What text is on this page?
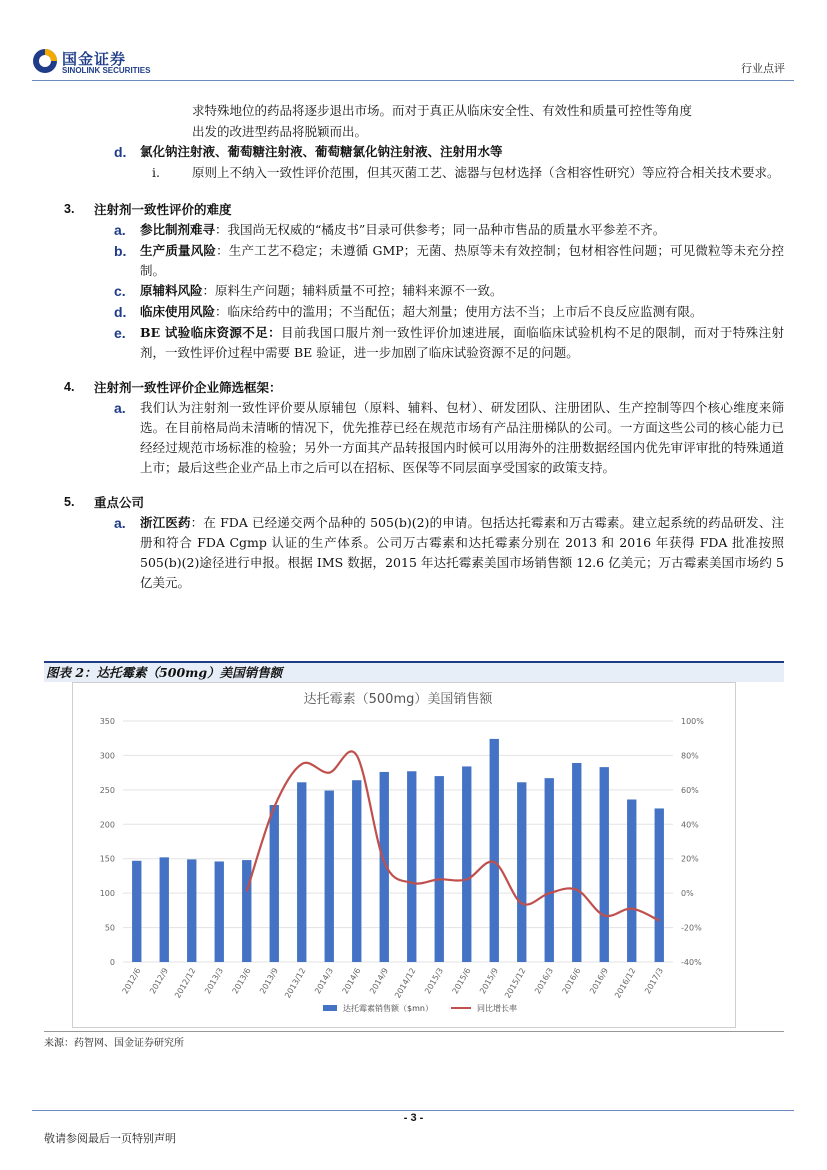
国金证券
SINOLINK SECURITIES	行业点评
求特殊地位的药品将逐步退出市场。而对于真正从临床安全性、有效性和质量可控性等角度
出发的改进型药品将脱颖而出。
d.	氯化钠注射液、葡萄糖注射液、葡萄糖氯化钠注射液、注射用水等
i.	原则上不纳入一致性评价范围，但其灭菌工艺、滤器与包材选择（含相容性研究）等应符合相关技术要求。
3.	注射剂一致性评价的难度
a.	参比制剂难寻：我国尚无权威的“橘皮书”目录可供参考；同一品种市售品的质量水平参差不齐。
b.	生产质量风险：生产工艺不稳定；未遵循 GMP；无菌、热原等未有效控制；包材相容性问题；可见微粒等未充分控制。
c.	原辅料风险：原料生产问题；辅料质量不可控；辅料来源不一致。
d.	临床使用风险：临床给药中的滥用；不当配伍；超大剂量；使用方法不当；上市后不良反应监测有限。
e.	BE 试验临床资源不足：目前我国口服片剂一致性评价加速进展，面临临床试验机构不足的限制，而对于特殊注射剂，一致性评价过程中需要 BE 验证，进一步加剧了临床试验资源不足的问题。
4.	注射剂一致性评价企业筛选框架：
a.	我们认为注射剂一致性评价要从原辅包（原料、辅料、包材）、研发团队、注册团队、生产控制等四个核心维度来筛选。在目前格局尚未清晰的情况下，优先推荐已经在规范市场有产品注册梯队的公司。一方面这些公司的核心能力已经经过规范市场标准的检验；另外一方面其产品转报国内时候可以用海外的注册数据经国内优先审评审批的特殊通道上市；最后这些企业产品上市之后可以在招标、医保等不同层面享受国家的政策支持。
5.	重点公司
a.	浙江医药：在 FDA 已经递交两个品种的 505(b)(2)的申请。包括达托霉素和万古霉素。建立起系统的药品研发、注册和符合 FDA Cgmp 认证的生产体系。公司万古霉素和达托霉素分别在 2013 和 2016 年获得 FDA 批准按照 505(b)(2)途径进行申报。根据 IMS 数据，2015 年达托霉素美国市场销售额 12.6 亿美元；万古霉素美国市场约 5 亿美元。
图表 2：达托霉素（500mg）美国销售额
达托霉素（500mg）美国销售额
0
50
100
150
200
250
300
350
-40%
-20%
0%
20%
40%
60%
80%
100%
2012/6 2012/9 2012/12 2013/3 2013/6 2013/9 2013/12 2014/3 2014/6 2014/9 2014/12 2015/3 2015/6 2015/9 2015/12 2016/3 2016/6 2016/9 2016/12 2017/3
达托霉素销售额（$mn）	同比增长率
来源：药智网、国金证券研究所
- 3 -
敬请参阅最后一页特别声明
